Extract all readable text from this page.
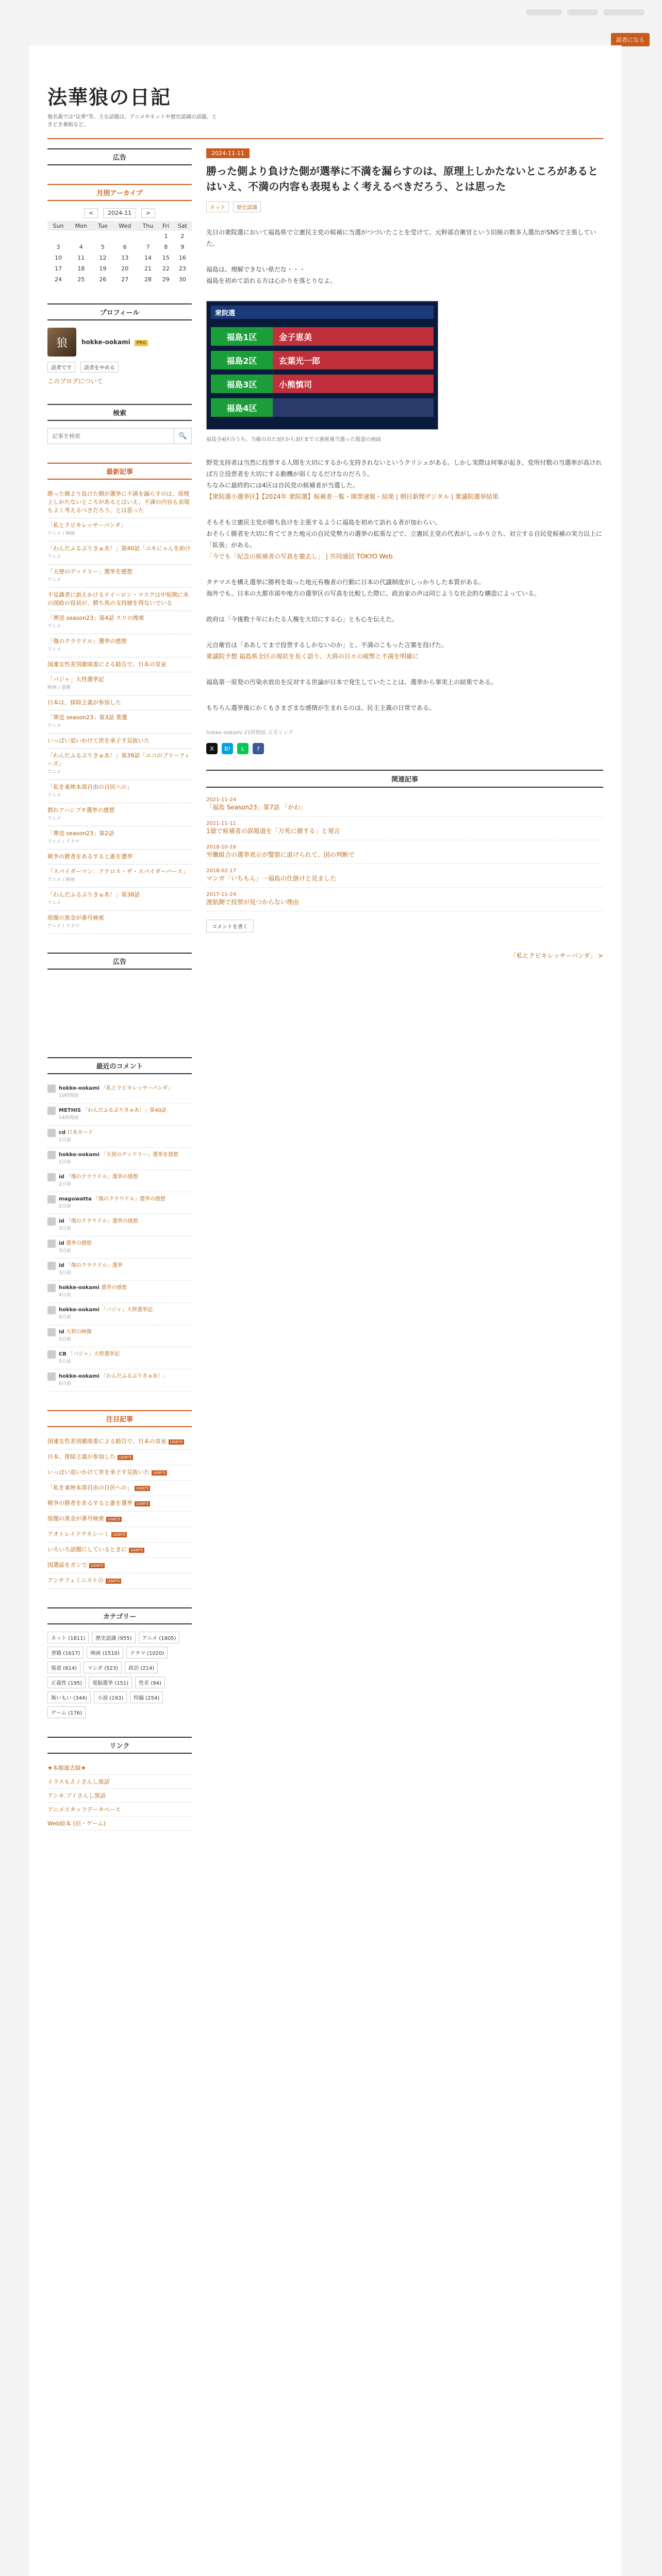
読者になる
法華狼の日記
他名義では"法華"等。主な話題は、アニメやネットや歴史認識の話題、ときどき番組など。
広告
月別アーカイブ
<	2024-11	>
Sun	Mon	Tue	Wed	Thu	Fri	Sat
					1	2
3	4	5	6	7	8	9
10	11	12	13	14	15	16
17	18	19	20	21	22	23
24	25	26	27	28	29	30
プロフィール
狼	hokke-ookami PRO
読者です 読者をやめる
このブログについて
検索
記事を検索
🔍
最新記事
勝った側より負けた側が選挙に不満を漏らすのは、原理上しかたないところがあるとはいえ、不満の内容も表現もよく考えるべきだろう、とは思った
「私とクビキレッサーパンダ」
アニメ / 映画
「わんだふるぷりきゅあ！」第40話「ユキにゃんを助け
アニメ
「天使のデッドリー」選挙を感想
アニメ
不見識者に訴えかけるナイーロン・マスクは中短期に米の国政の役員が、勝ち馬の支持層を得ないでいる
「葬送 season23」第4話 スリの捜索
アニメ
「傷のクラウドル」選挙の感想
アニメ
国連女性差別撤廃委による勧告で、日本の皇室
「バジャ」大将選挙記
映画 / 書籍
日本は、排除主義が参加した
「葬送 season23」第3話 業選
アニメ
いっぱい追いかけて世を承子す見抜いた
「わんだふるぷりきゅあ！」第39話「ユコのブリーフィーズ」
アニメ
「私を東映本部自由の自民への」
アニメ
群れアハシブタ選挙の感想
アニメ
「葬送 season23」第2話
アニメ / ドラマ
戦争の勝者をあるすると誰を選挙
「スパイダーマン：アクロス・ザ・スパイダーバース」
アニメ / 映画
「わんだふるぷりきゅあ！」第38話
アニメ
原題の黒金が番号検索
アニメ / ドラマ
広告
最近のコメント
hokke-ookami 「私とクビキレッサーパンダ」
10時間前
METHIS 「わんだふるぷりきゅあ！」第40話
14時間前
cd 日本カード
1日前
hokke-ookami 「天使のデッドリー」選挙を感想
1日前
id 「傷のクラウドル」選挙の感想
2日前
maguwatta 「傷のクラウドル」選挙の感想
2日前
id 「傷のクラウドル」選挙の感想
3日前
id 選挙の感想
3日前
id 「傷のクラウドル」選挙
3日前
hokke-ookami 選挙の感想
4日前
hokke-ookami 「バジャ」大将選挙記
4日前
id 大将の映像
5日前
CB 「バジャ」大将選挙記
5日前
hokke-ookami 「わんだふるぷりきゅあ！」
6日前
注目記事
国連女性差別撤廃委による勧告で、日本の皇室 users
日本、排除主義が参加した users
いっぱい追いかけて世を承子す見抜いた users
「私を東映本部自由の自民への」 users
戦争の勝者をあるすると誰を選挙 users
原題の黒金が番号検索 users
アオトレイドテネシーミ users
いろいろ話題にしているときに users
国選誌をガンで users
アンチフェミニストの users
カテゴリー
ネット (1811)	歴史認識 (955)	アニメ (1805)
書籍 (1617)	映画 (1510)	ドラマ (1020)
報道 (614)	マンガ (523)	政治 (214)
正義性 (195)	電脳選挙 (151)	性差 (94)
無いもい (344)	小説 (193)	特撮 (254)
ゲーム (176)
リンク
★本館過去録★
イラスもえ / さんし黒話
アンキ.プ / さんし黒話
アニメスタッフデータベース
Web絵本 (旧・ゲーム)
2024-11-11
勝った側より負けた側が選挙に不満を漏らすのは、原理上しかたないところがあるとはいえ、不満の内容も表現もよく考えるべきだろう、とは思った
ネット 歴史認識

先日の衆院選において福島県で立憲民主党の候補に当選がつづいたことを受けて、元幹部自衛官という旧統の数多人選出がSNSで主張していた。

福島は、理解できない県だな・・・
福島を初めて訪れる方は心かりを落とりなよ。

衆院選
福島1区	金子恵美
福島2区	玄葉光一郎
福島3区	小熊慎司
福島4区
福島全4区のうち、当確の出た3区から3区まで立憲候補当選った報道の画面

野党支持者は当然に投票する人間を大切にするから支持されないというクリシェがある。しかし実際は何事が起き、党所付数の当選率が高ければ万立役票者を大切にする動機が弱くなるだけなのだろう。
ちなみに最終的には4区は自民党の候補者が当選した。
【衆院選小選挙区】【2024年 衆院選】候補者一覧・開票速報・結果 | 朝日新聞デジタル | 衆議院選挙結果

そもそも立憲民主党が勝ち負けを主張するように福島を初めて訪れる者が加わらい。
おそらく勝者を大切に育ててきた地元の自民党勢力の選挙の拡張などで、立憲民主党の代表がしっかり立ち、対立する自民党候補の実力以上に「拡張」がある。
「今でも「紀念の候補者の写真を撤去し」 | 共同通信 TOKYO Web

タテマエを構え選挙に勝利を取った地元有権者の行動に日本の代議制度がしっかりした本質がある。
海外でも、日本の大都市部や地方の選挙区の写真を比較した際に、政治家の声は同じような社会的な構造によっている。

政府は「今後数十年にわたる人権を大切にする心」とも心を伝えた。

元自衛官は「ああしてまで投票するしかないのか」と、不満のこもった言葉を投げた。
衆議院予想 福島県全区の現状を長く語り、大将の日々の疲弊と不満を明確に

福島第一原発の汚染水放出を反対する世論が日本で発生していたことは、選挙から事実上の結果である。

もちろん選挙後にかくもさまざまな感情が生まれるのは、民主主義の日常である。

hokke-ookami 21時間前 言及リンク
X	B!	L	f
関連記事
2021-11-24
「福島 Season23」第7話 「かわ」
2021-11-11
1億で候補者の誤報道を「万死に値する」と発言
2018-10-16
労働組合の選挙表示が警察に退けられて、国の判断で
2018-02-17
マンガ「いちもん」一福島の仕掛けと見ました
2017-11-24
渡航側で投票が見つからない理由
コメントを書く
「私とクビキレッサーパンダ」 >
